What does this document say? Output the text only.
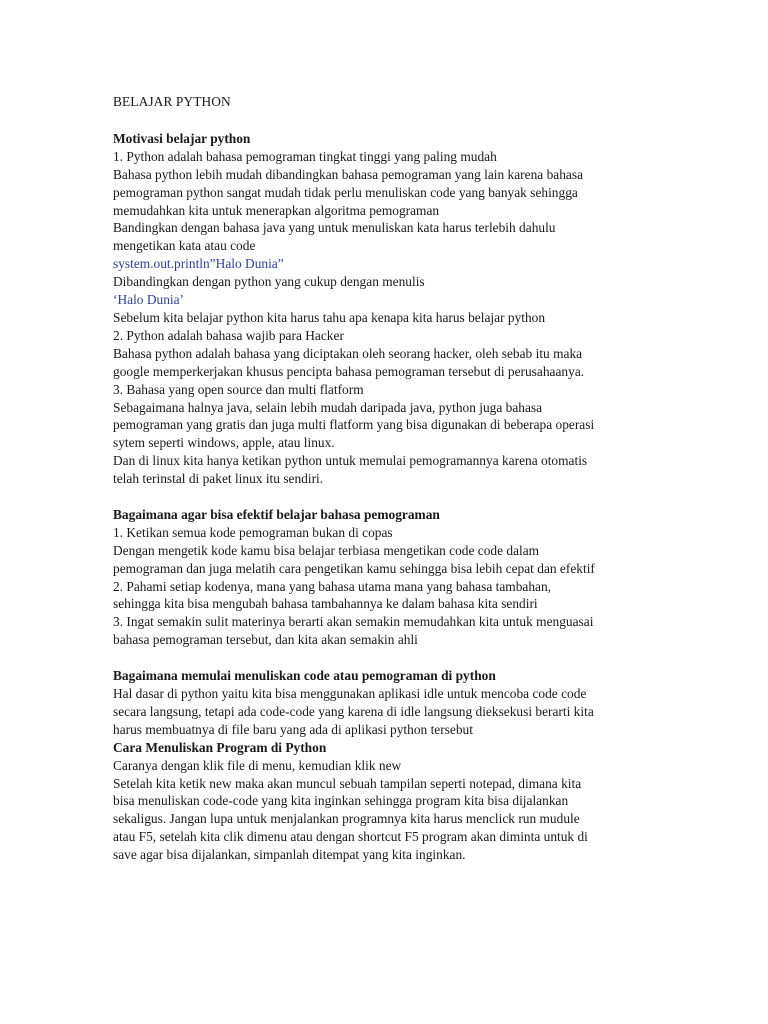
BELAJAR PYTHON

Motivasi belajar python

1. Python adalah bahasa pemograman tingkat tinggi yang paling mudah

Bahasa python lebih mudah dibandingkan bahasa pemograman yang lain karena bahasa

pemograman python sangat mudah tidak perlu menuliskan code yang banyak sehingga

memudahkan kita untuk menerapkan algoritma pemograman

Bandingkan dengan bahasa java yang untuk menuliskan kata harus terlebih dahulu

mengetikan kata atau code

system.out.println”Halo Dunia”

Dibandingkan dengan python yang cukup dengan menulis

‘Halo Dunia’

Sebelum kita belajar python kita harus tahu apa kenapa kita harus belajar python

2. Python adalah bahasa wajib para Hacker

Bahasa python adalah bahasa yang diciptakan oleh seorang hacker, oleh sebab itu maka

google memperkerjakan khusus pencipta bahasa pemograman tersebut di perusahaanya.

3. Bahasa yang open source dan multi flatform

Sebagaimana halnya java, selain lebih mudah daripada java, python juga bahasa

pemograman yang gratis dan juga multi flatform yang bisa digunakan di beberapa operasi

sytem seperti windows, apple, atau linux.

Dan di linux kita hanya ketikan python untuk memulai pemogramannya karena otomatis

telah terinstal di paket linux itu sendiri.

Bagaimana agar bisa efektif belajar bahasa pemograman

1. Ketikan semua kode pemograman bukan di copas

Dengan mengetik kode kamu bisa belajar terbiasa mengetikan code code dalam

pemograman dan juga melatih cara pengetikan kamu sehingga bisa lebih cepat dan efektif

2. Pahami setiap kodenya, mana yang bahasa utama mana yang bahasa tambahan,

sehingga kita bisa mengubah bahasa tambahannya ke dalam bahasa kita sendiri

3. Ingat semakin sulit materinya berarti akan semakin memudahkan kita untuk menguasai

bahasa pemograman tersebut, dan kita akan semakin ahli

Bagaimana memulai menuliskan code atau pemograman di python

Hal dasar di python yaitu kita bisa menggunakan aplikasi idle untuk mencoba code code

secara langsung, tetapi ada code-code yang karena di idle langsung dieksekusi berarti kita

harus membuatnya di file baru yang ada di aplikasi python tersebut

Cara Menuliskan Program di Python

Caranya dengan klik file di menu, kemudian klik new

Setelah kita ketik new maka akan muncul sebuah tampilan seperti notepad, dimana kita

bisa menuliskan code-code yang kita inginkan sehingga program kita bisa dijalankan

sekaligus. Jangan lupa untuk menjalankan programnya kita harus menclick run mudule

atau F5, setelah kita clik dimenu atau dengan shortcut F5 program akan diminta untuk di

save agar bisa dijalankan, simpanlah ditempat yang kita inginkan.
